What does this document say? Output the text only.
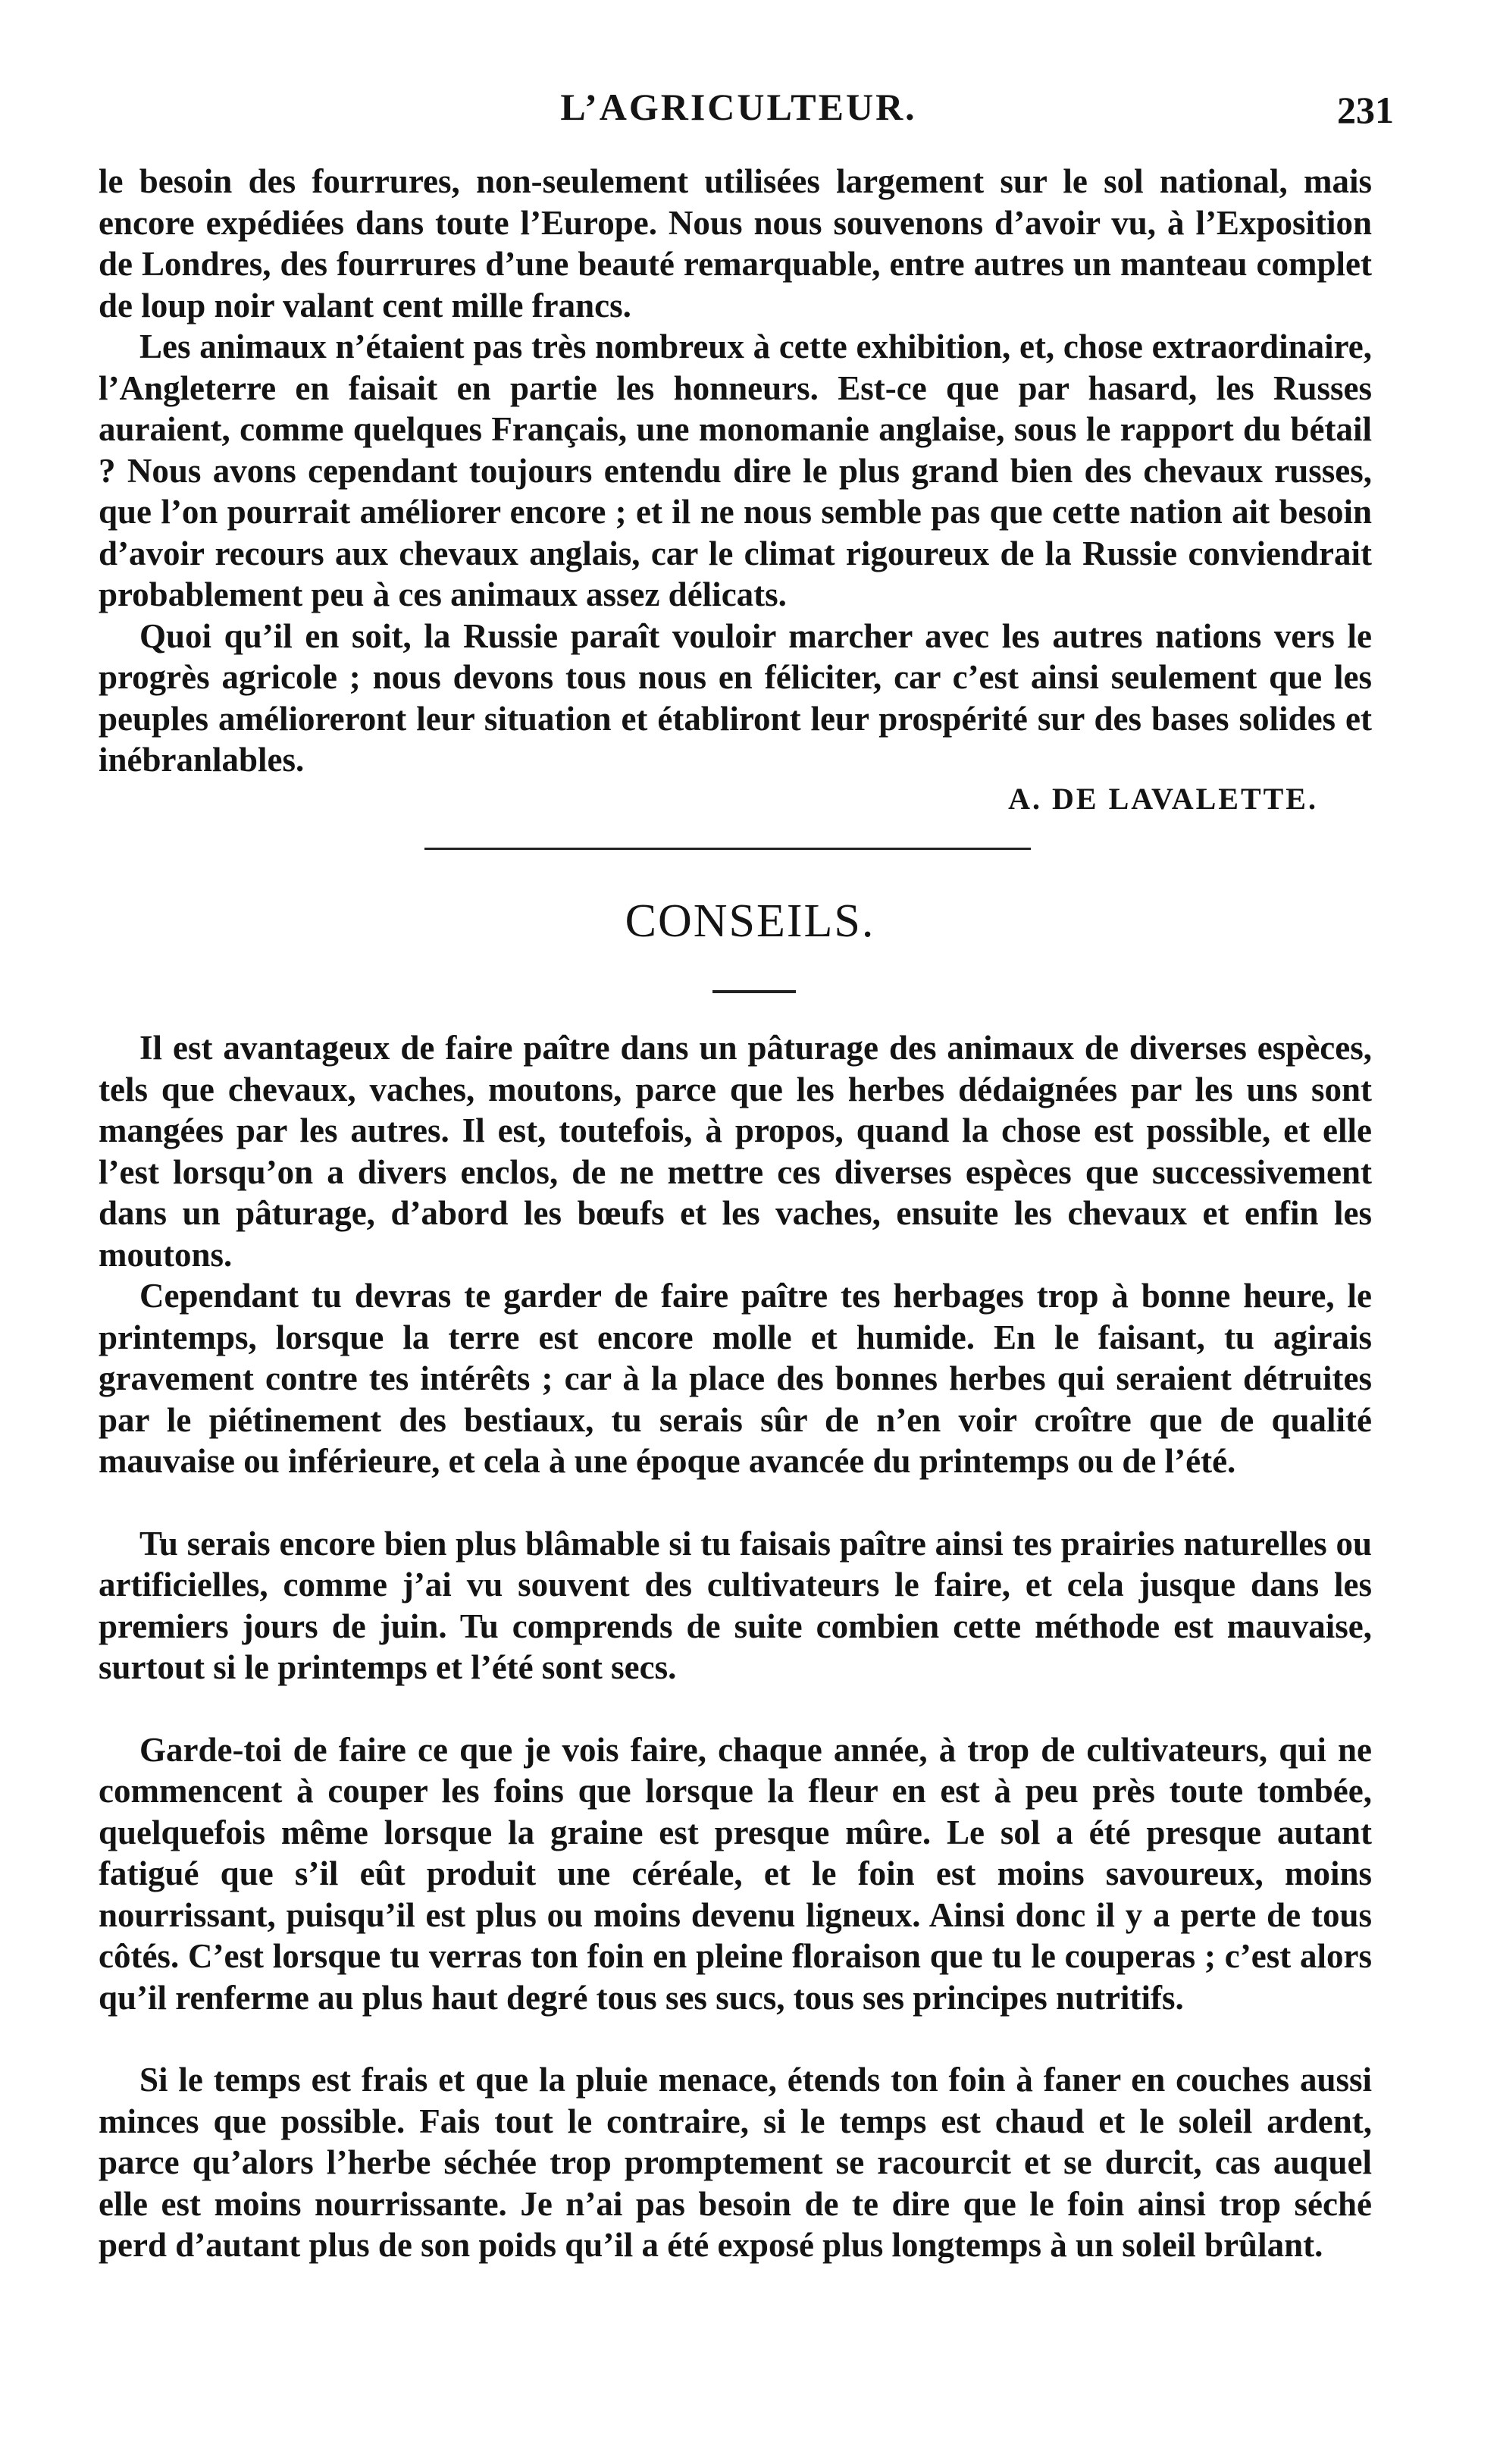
L’AGRICULTEUR.	231

le besoin des fourrures, non-seulement utilisées largement sur le sol national, mais encore expédiées dans toute l’Europe. Nous nous souvenons d’avoir vu, à l’Exposition de Londres, des fourrures d’une beauté remarquable, entre autres un manteau complet de loup noir valant cent mille francs.

Les animaux n’étaient pas très nombreux à cette exhibition, et, chose extraordinaire, l’Angleterre en faisait en partie les honneurs. Est-ce que par hasard, les Russes auraient, comme quelques Français, une monomanie anglaise, sous le rapport du bétail ? Nous avons cependant toujours entendu dire le plus grand bien des chevaux russes, que l’on pourrait améliorer encore ; et il ne nous semble pas que cette nation ait besoin d’avoir recours aux chevaux anglais, car le climat rigoureux de la Russie conviendrait probablement peu à ces animaux assez délicats.

Quoi qu’il en soit, la Russie paraît vouloir marcher avec les autres nations vers le progrès agricole ; nous devons tous nous en féliciter, car c’est ainsi seulement que les peuples amélioreront leur situation et établiront leur prospérité sur des bases solides et inébranlables.

A. DE LAVALETTE.
CONSEILS.

Il est avantageux de faire paître dans un pâturage des animaux de diverses espèces, tels que chevaux, vaches, moutons, parce que les herbes dédaignées par les uns sont mangées par les autres. Il est, toutefois, à propos, quand la chose est possible, et elle l’est lorsqu’on a divers enclos, de ne mettre ces diverses espèces que successivement dans un pâturage, d’abord les bœufs et les vaches, ensuite les chevaux et enfin les moutons.

Cependant tu devras te garder de faire paître tes herbages trop à bonne heure, le printemps, lorsque la terre est encore molle et humide. En le faisant, tu agirais gravement contre tes intérêts ; car à la place des bonnes herbes qui seraient détruites par le piétinement des bestiaux, tu serais sûr de n’en voir croître que de qualité mauvaise ou inférieure, et cela à une époque avancée du printemps ou de l’été.

Tu serais encore bien plus blâmable si tu faisais paître ainsi tes prairies naturelles ou artificielles, comme j’ai vu souvent des cultivateurs le faire, et cela jusque dans les premiers jours de juin. Tu comprends de suite combien cette méthode est mauvaise, surtout si le printemps et l’été sont secs.

Garde-toi de faire ce que je vois faire, chaque année, à trop de cultivateurs, qui ne commencent à couper les foins que lorsque la fleur en est à peu près toute tombée, quelquefois même lorsque la graine est presque mûre. Le sol a été presque autant fatigué que s’il eût produit une céréale, et le foin est moins savoureux, moins nourrissant, puisqu’il est plus ou moins devenu ligneux. Ainsi donc il y a perte de tous côtés. C’est lorsque tu verras ton foin en pleine floraison que tu le couperas ; c’est alors qu’il renferme au plus haut degré tous ses sucs, tous ses principes nutritifs.

Si le temps est frais et que la pluie menace, étends ton foin à faner en couches aussi minces que possible. Fais tout le contraire, si le temps est chaud et le soleil ardent, parce qu’alors l’herbe séchée trop promptement se racourcit et se durcit, cas auquel elle est moins nourrissante. Je n’ai pas besoin de te dire que le foin ainsi trop séché perd d’autant plus de son poids qu’il a été exposé plus longtemps à un soleil brûlant.
